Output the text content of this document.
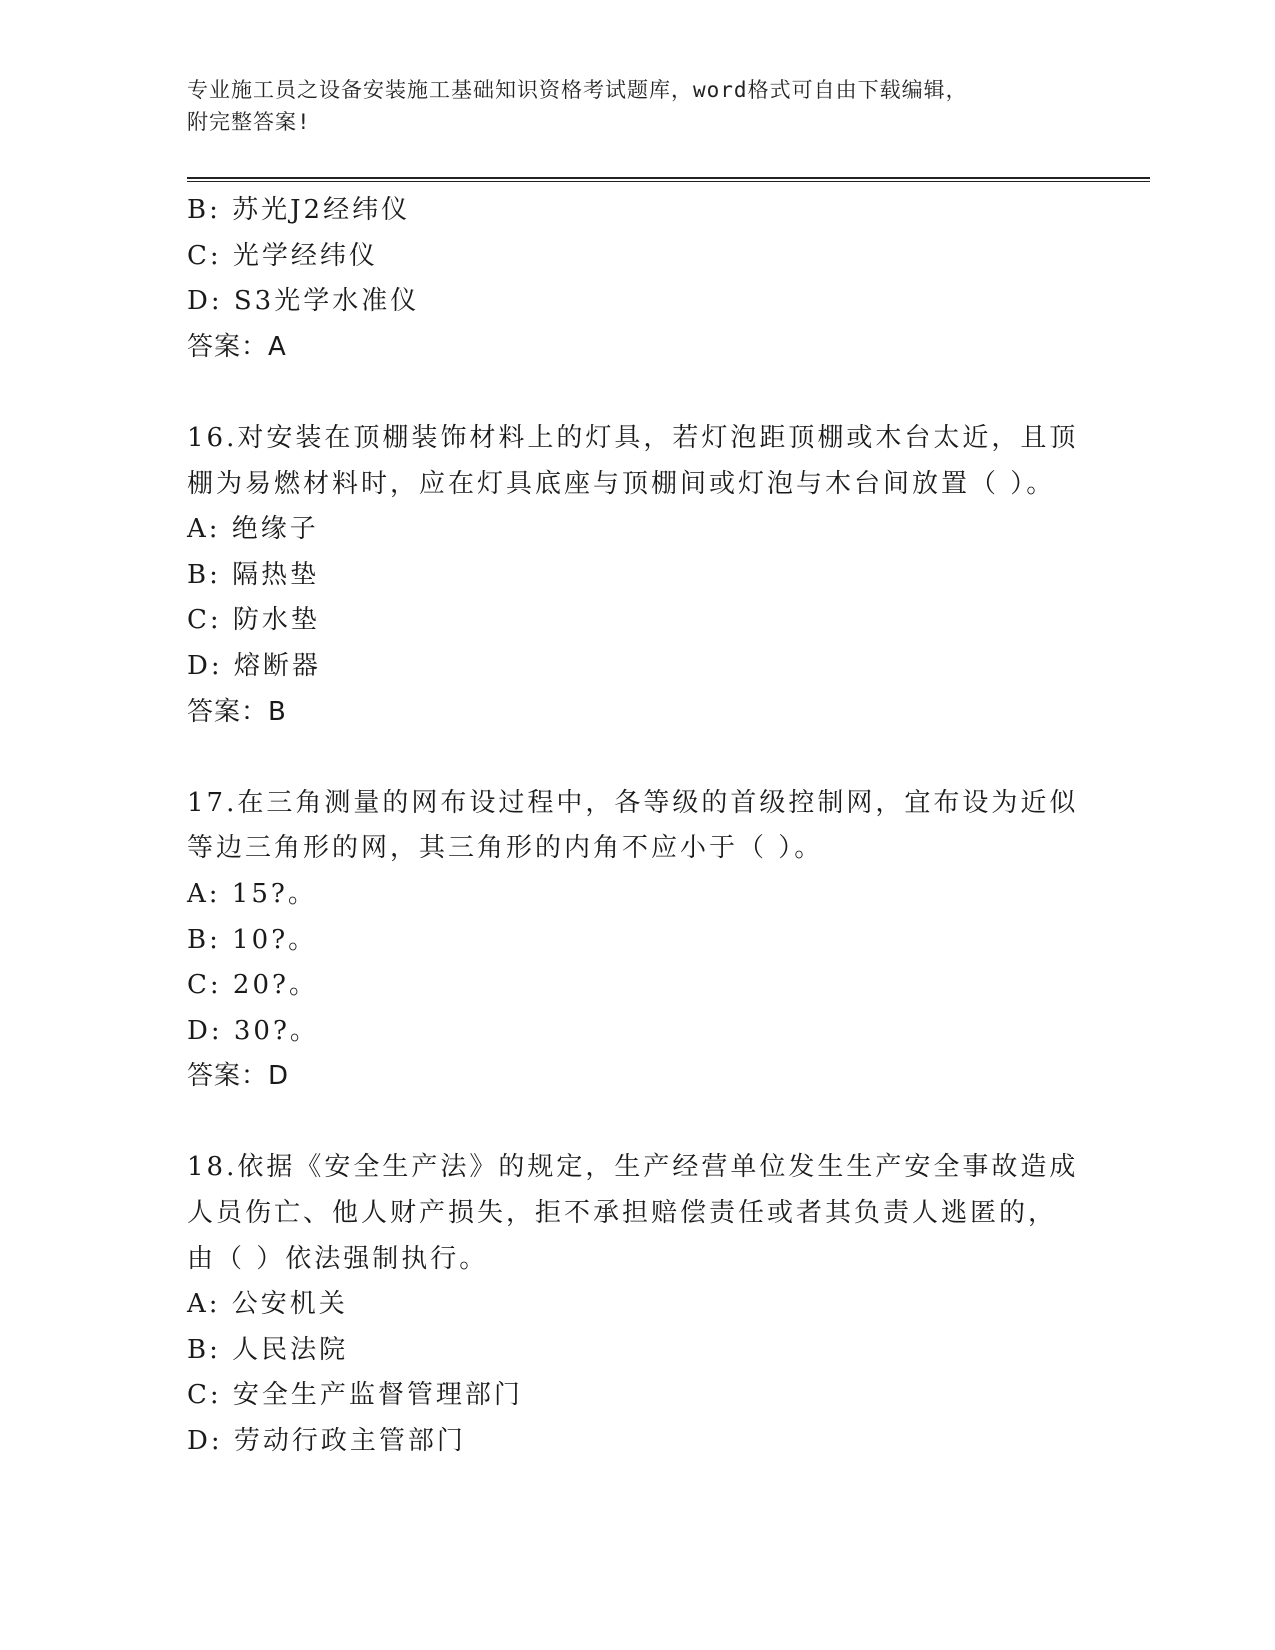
专业施工员之设备安装施工基础知识资格考试题库，word格式可自由下载编辑，
附完整答案!
B: 苏光J2经纬仪
C: 光学经纬仪
D: S3光学水准仪
答案：A
16.对安装在顶棚装饰材料上的灯具，若灯泡距顶棚或木台太近，且顶
棚为易燃材料时，应在灯具底座与顶棚间或灯泡与木台间放置（ ）。
A: 绝缘子
B: 隔热垫
C: 防水垫
D: 熔断器
答案：B
17.在三角测量的网布设过程中，各等级的首级控制网，宜布设为近似
等边三角形的网，其三角形的内角不应小于（ ）。
A: 15?。
B: 10?。
C: 20?。
D: 30?。
答案：D
18.依据《安全生产法》的规定，生产经营单位发生生产安全事故造成
人员伤亡、他人财产损失，拒不承担赔偿责任或者其负责人逃匿的，
由（ ）依法强制执行。
A: 公安机关
B: 人民法院
C: 安全生产监督管理部门
D: 劳动行政主管部门
